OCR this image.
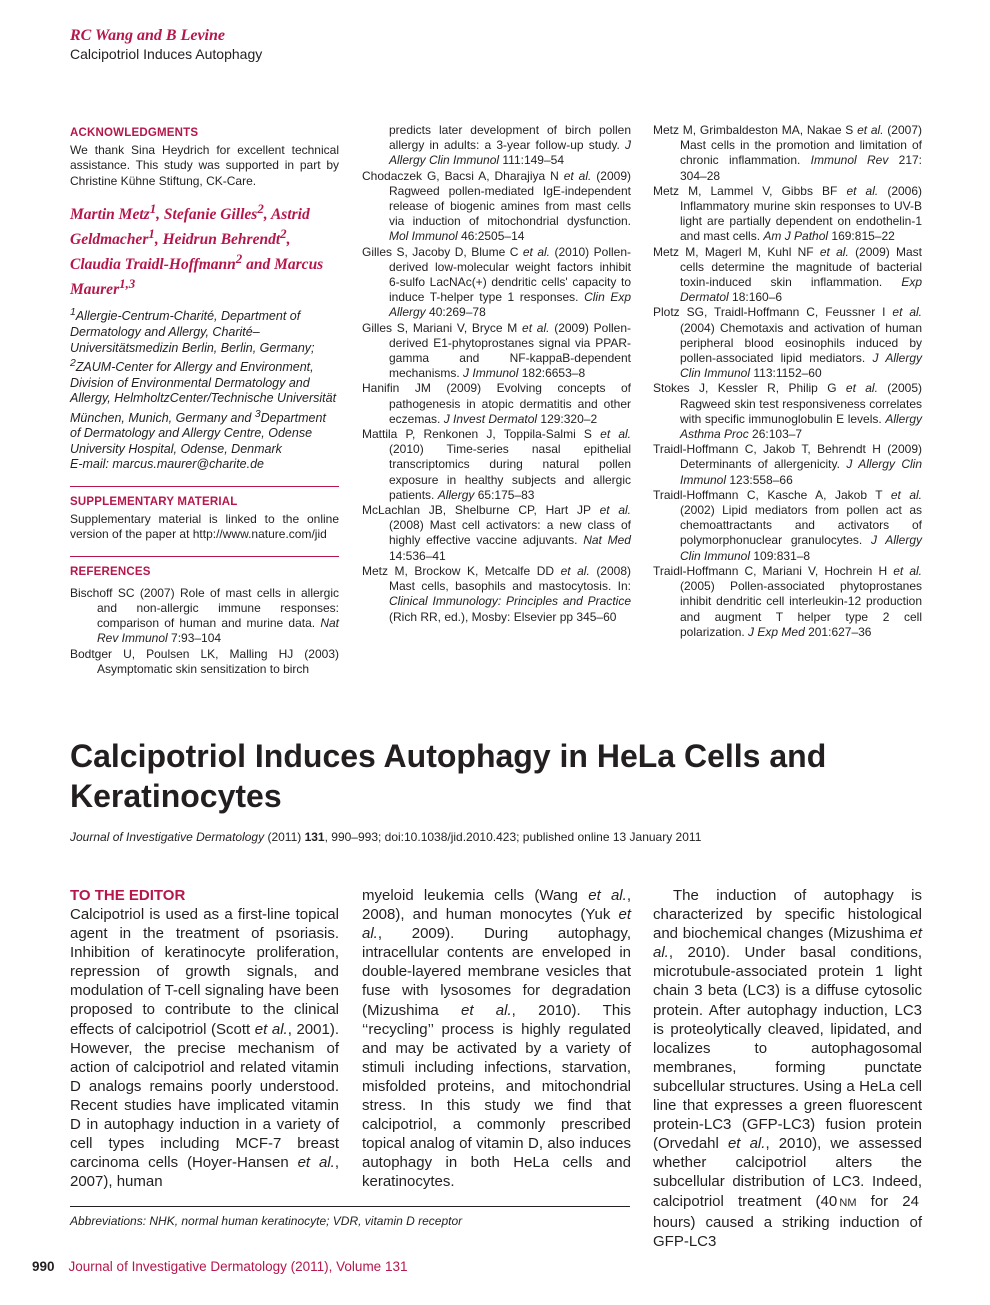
RC Wang and B Levine
Calcipotriol Induces Autophagy
ACKNOWLEDGMENTS

We thank Sina Heydrich for excellent technical assistance. This study was supported in part by Christine Kühne Stiftung, CK-Care.

Martin Metz$^1$, Stefanie Gilles$^2$, Astrid Geldmacher$^1$, Heidrun Behrendt$^2$, Claudia Traidl-Hoffmann$^2$ and Marcus Maurer$^{1,3}$
$^1$Allergie-Centrum-Charité, Department of Dermatology and Allergy, Charité–Universitätsmedizin Berlin, Berlin, Germany; $^2$ZAUM-Center for Allergy and Environment, Division of Environmental Dermatology and Allergy, HelmholtzCenter/Technische Universität München, Munich, Germany and $^3$Department of Dermatology and Allergy Centre, Odense University Hospital, Odense, Denmark
E-mail: marcus.maurer@charite.de
SUPPLEMENTARY MATERIAL

Supplementary material is linked to the online version of the paper at http://www.nature.com/jid

REFERENCES

Bischoff SC (2007) Role of mast cells in allergic and non-allergic immune responses: comparison of human and murine data. Nat Rev Immunol 7:93–104

Bodtger U, Poulsen LK, Malling HJ (2003) Asymptomatic skin sensitization to birch

predicts later development of birch pollen allergy in adults: a 3-year follow-up study. J Allergy Clin Immunol 111:149–54

Chodaczek G, Bacsi A, Dharajiya N et al. (2009) Ragweed pollen-mediated IgE-independent release of biogenic amines from mast cells via induction of mitochondrial dysfunction. Mol Immunol 46:2505–14

Gilles S, Jacoby D, Blume C et al. (2010) Pollen-derived low-molecular weight factors inhibit 6-sulfo LacNAc(+) dendritic cells' capacity to induce T-helper type 1 responses. Clin Exp Allergy 40:269–78

Gilles S, Mariani V, Bryce M et al. (2009) Pollen-derived E1-phytoprostanes signal via PPAR-gamma and NF-kappaB-dependent mechanisms. J Immunol 182:6653–8

Hanifin JM (2009) Evolving concepts of pathogenesis in atopic dermatitis and other eczemas. J Invest Dermatol 129:320–2

Mattila P, Renkonen J, Toppila-Salmi S et al. (2010) Time-series nasal epithelial transcriptomics during natural pollen exposure in healthy subjects and allergic patients. Allergy 65:175–83

McLachlan JB, Shelburne CP, Hart JP et al. (2008) Mast cell activators: a new class of highly effective vaccine adjuvants. Nat Med 14:536–41

Metz M, Brockow K, Metcalfe DD et al. (2008) Mast cells, basophils and mastocytosis. In: Clinical Immunology: Principles and Practice (Rich RR, ed.), Mosby: Elsevier pp 345–60

Metz M, Grimbaldeston MA, Nakae S et al. (2007) Mast cells in the promotion and limitation of chronic inflammation. Immunol Rev 217: 304–28

Metz M, Lammel V, Gibbs BF et al. (2006) Inflammatory murine skin responses to UV-B light are partially dependent on endothelin-1 and mast cells. Am J Pathol 169:815–22

Metz M, Magerl M, Kuhl NF et al. (2009) Mast cells determine the magnitude of bacterial toxin-induced skin inflammation. Exp Dermatol 18:160–6

Plotz SG, Traidl-Hoffmann C, Feussner I et al. (2004) Chemotaxis and activation of human peripheral blood eosinophils induced by pollen-associated lipid mediators. J Allergy Clin Immunol 113:1152–60

Stokes J, Kessler R, Philip G et al. (2005) Ragweed skin test responsiveness correlates with specific immunoglobulin E levels. Allergy Asthma Proc 26:103–7

Traidl-Hoffmann C, Jakob T, Behrendt H (2009) Determinants of allergenicity. J Allergy Clin Immunol 123:558–66

Traidl-Hoffmann C, Kasche A, Jakob T et al. (2002) Lipid mediators from pollen act as chemoattractants and activators of polymorphonuclear granulocytes. J Allergy Clin Immunol 109:831–8

Traidl-Hoffmann C, Mariani V, Hochrein H et al. (2005) Pollen-associated phytoprostanes inhibit dendritic cell interleukin-12 production and augment T helper type 2 cell polarization. J Exp Med 201:627–36

Calcipotriol Induces Autophagy in HeLa Cells and Keratinocytes
Journal of Investigative Dermatology (2011) 131, 990–993; doi:10.1038/jid.2010.423; published online 13 January 2011
TO THE EDITOR

Calcipotriol is used as a first-line topical agent in the treatment of psoriasis. Inhibition of keratinocyte proliferation, repression of growth signals, and modulation of T-cell signaling have been proposed to contribute to the clinical effects of calcipotriol (Scott et al., 2001). However, the precise mechanism of action of calcipotriol and related vitamin D analogs remains poorly understood. Recent studies have implicated vitamin D in autophagy induction in a variety of cell types including MCF-7 breast carcinoma cells (Hoyer-Hansen et al., 2007), human

myeloid leukemia cells (Wang et al., 2008), and human monocytes (Yuk et al., 2009). During autophagy, intracellular contents are enveloped in double-layered membrane vesicles that fuse with lysosomes for degradation (Mizushima et al., 2010). This ‘‘recycling’’ process is highly regulated and may be activated by a variety of stimuli including infections, starvation, misfolded proteins, and mitochondrial stress. In this study we find that calcipotriol, a commonly prescribed topical analog of vitamin D, also induces autophagy in both HeLa cells and keratinocytes.

The induction of autophagy is characterized by specific histological and biochemical changes (Mizushima et al., 2010). Under basal conditions, microtubule-associated protein 1 light chain 3 beta (LC3) is a diffuse cytosolic protein. After autophagy induction, LC3 is proteolytically cleaved, lipidated, and localizes to autophagosomal membranes, forming punctate subcellular structures. Using a HeLa cell line that expresses a green fluorescent protein-LC3 (GFP-LC3) fusion protein (Orvedahl et al., 2010), we assessed whether calcipotriol alters the subcellular distribution of LC3. Indeed, calcipotriol treatment (40 NM for 24 hours) caused a striking induction of GFP-LC3

Abbreviations: NHK, normal human keratinocyte; VDR, vitamin D receptor
990 Journal of Investigative Dermatology (2011), Volume 131
